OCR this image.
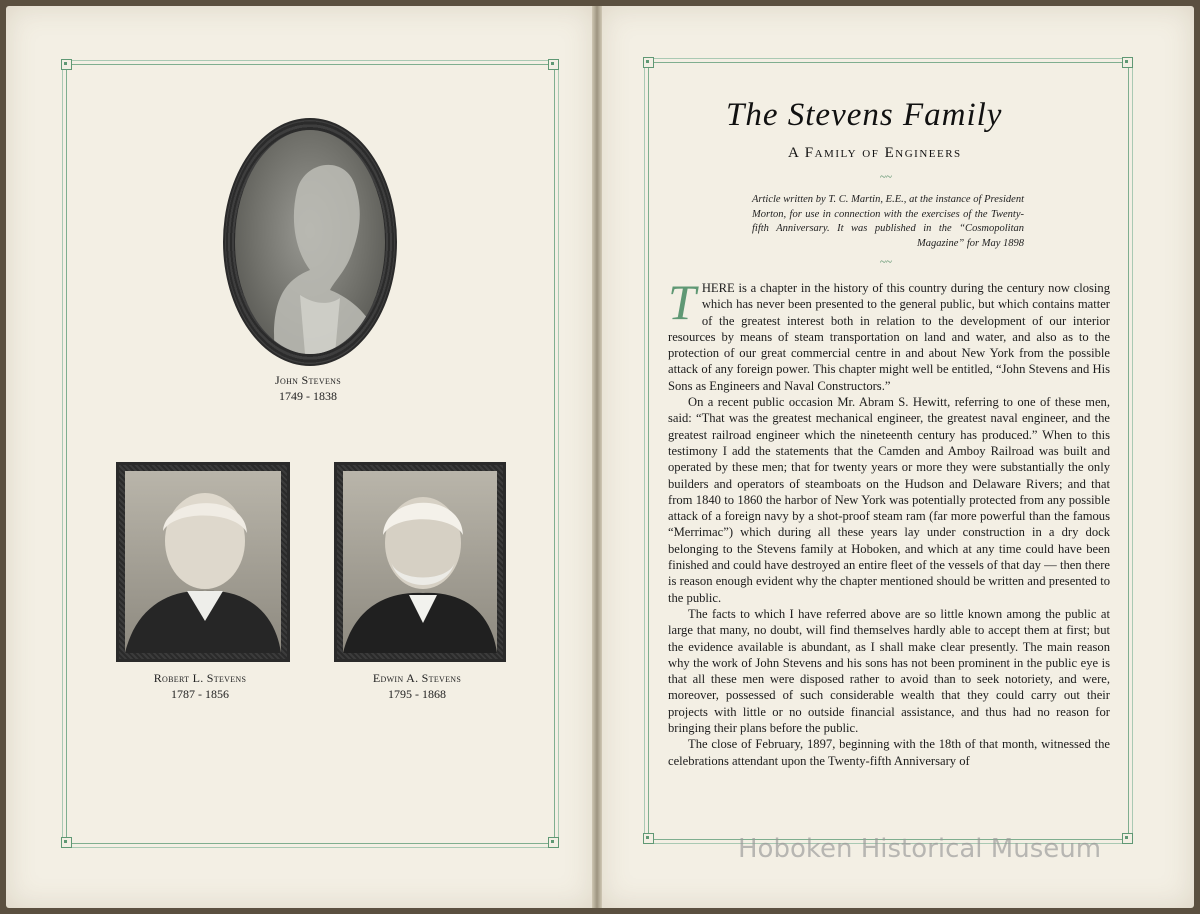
John Stevens
1749 - 1838
Robert L. Stevens
1787 - 1856
Edwin A. Stevens
1795 - 1868
The Stevens Family
A Family of Engineers
~~
Article written by T. C. Martin, E.E., at the instance of President Morton, for use in connection with the exercises of the Twenty-fifth Anniversary. It was published in the “Cosmopolitan Magazine” for May 1898
~~

THERE is a chapter in the history of this country during the century now closing which has never been presented to the general public, but which contains matter of the greatest interest both in relation to the development of our interior resources by means of steam transportation on land and water, and also as to the protection of our great commercial centre in and about New York from the possible attack of any foreign power. This chapter might well be entitled, “John Stevens and His Sons as Engineers and Naval Constructors.”

On a recent public occasion Mr. Abram S. Hewitt, referring to one of these men, said: “That was the greatest mechanical engineer, the greatest naval engineer, and the greatest railroad engineer which the nineteenth century has produced.” When to this testimony I add the statements that the Camden and Amboy Railroad was built and operated by these men; that for twenty years or more they were substantially the only builders and operators of steamboats on the Hudson and Delaware Rivers; and that from 1840 to 1860 the harbor of New York was potentially protected from any possible attack of a foreign navy by a shot-proof steam ram (far more powerful than the famous “Merrimac”) which during all these years lay under construction in a dry dock belonging to the Stevens family at Hoboken, and which at any time could have been finished and could have destroyed an entire fleet of the vessels of that day — then there is reason enough evident why the chapter mentioned should be written and presented to the public.

The facts to which I have referred above are so little known among the public at large that many, no doubt, will find themselves hardly able to accept them at first; but the evidence available is abundant, as I shall make clear presently. The main reason why the work of John Stevens and his sons has not been prominent in the public eye is that all these men were disposed rather to avoid than to seek notoriety, and were, moreover, possessed of such considerable wealth that they could carry out their projects with little or no outside financial assistance, and thus had no reason for bringing their plans before the public.

The close of February, 1897, beginning with the 18th of that month, witnessed the celebrations attendant upon the Twenty-fifth Anniversary of

Hoboken Historical Museum
